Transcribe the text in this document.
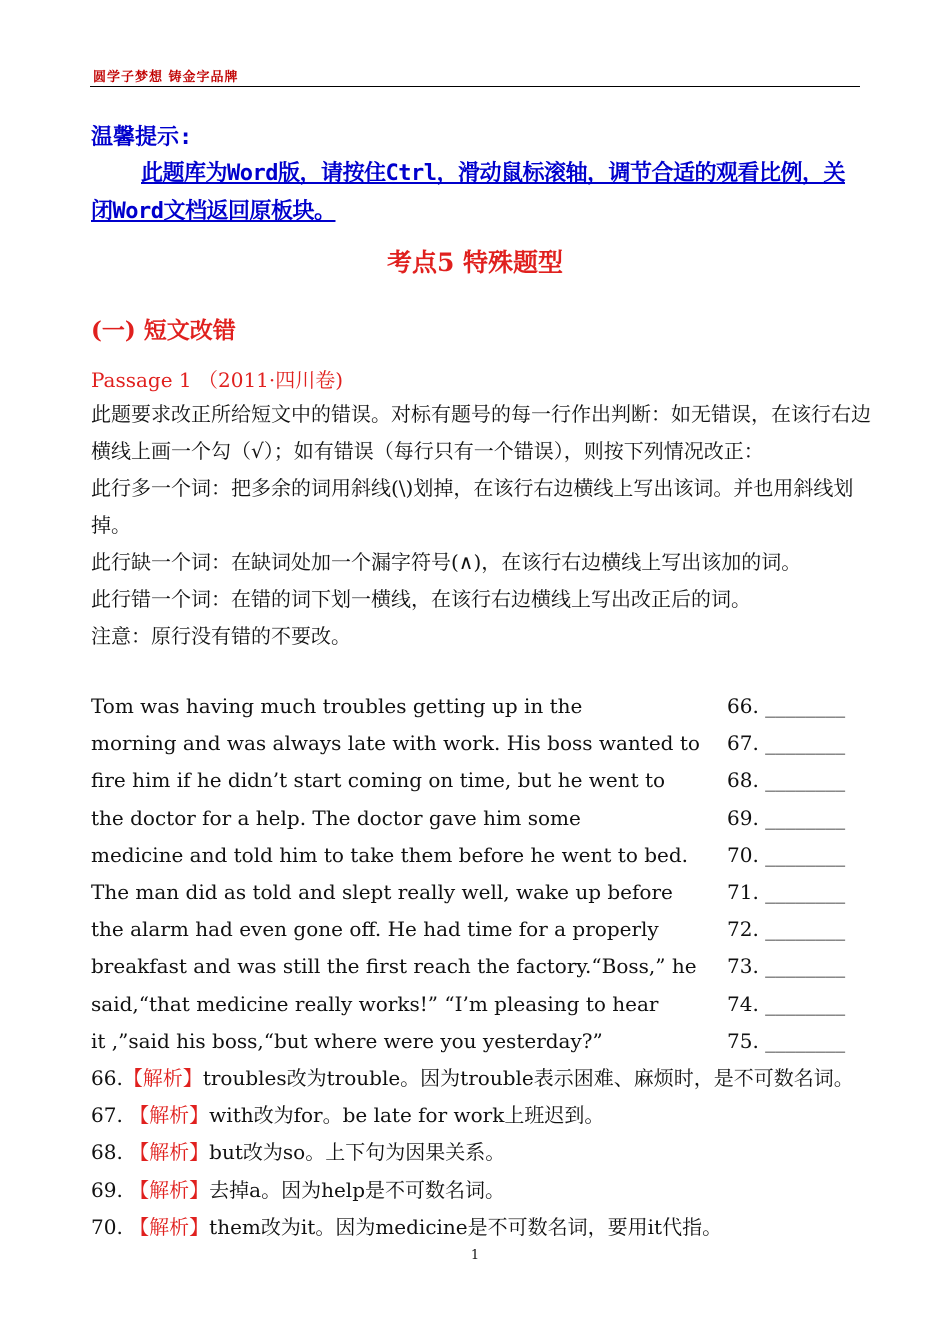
圆学子梦想 铸金字品牌
温馨提示:
此题库为Word版，请按住Ctrl，滑动鼠标滚轴，调节合适的观看比例，关闭Word文档返回原板块。
考点5 特殊题型
(一) 短文改错
Passage 1 （2011·四川卷)

此题要求改正所给短文中的错误。对标有题号的每一行作出判断：如无错误，在该行右边横线上画一个勾（√）；如有错误（每行只有一个错误），则按下列情况改正：

此行多一个词：把多余的词用斜线(\)划掉，在该行右边横线上写出该词。并也用斜线划掉。

此行缺一个词：在缺词处加一个漏字符号(∧)，在该行右边横线上写出该加的词。

此行错一个词：在错的词下划一横线，在该行右边横线上写出改正后的词。

注意：原行没有错的不要改。

Tom was having much troubles getting up in the	66. ________
morning and was always late with work. His boss wanted to 67. ________
fire him if he didn’t start coming on time, but he went to	68. ________
the doctor for a help. The doctor gave him some	69. ________
medicine and told him to take them before he went to bed. 70. ________
The man did as told and slept really well, wake up before	71. ________
the alarm had even gone off. He had time for a properly	72. ________
breakfast and was still the first reach the factory.“Boss,” he 73. ________
said,“that medicine really works!” “I’m pleasing to hear	74. ________
it ,”said his boss,“but where were you yesterday?”	75. ________
66.【解析】troubles改为trouble。因为trouble表示困难、麻烦时，是不可数名词。
67. 【解析】with改为for。be late for work上班迟到。
68. 【解析】but改为so。上下句为因果关系。
69. 【解析】去掉a。因为help是不可数名词。
70. 【解析】them改为it。因为medicine是不可数名词，要用it代指。
1
